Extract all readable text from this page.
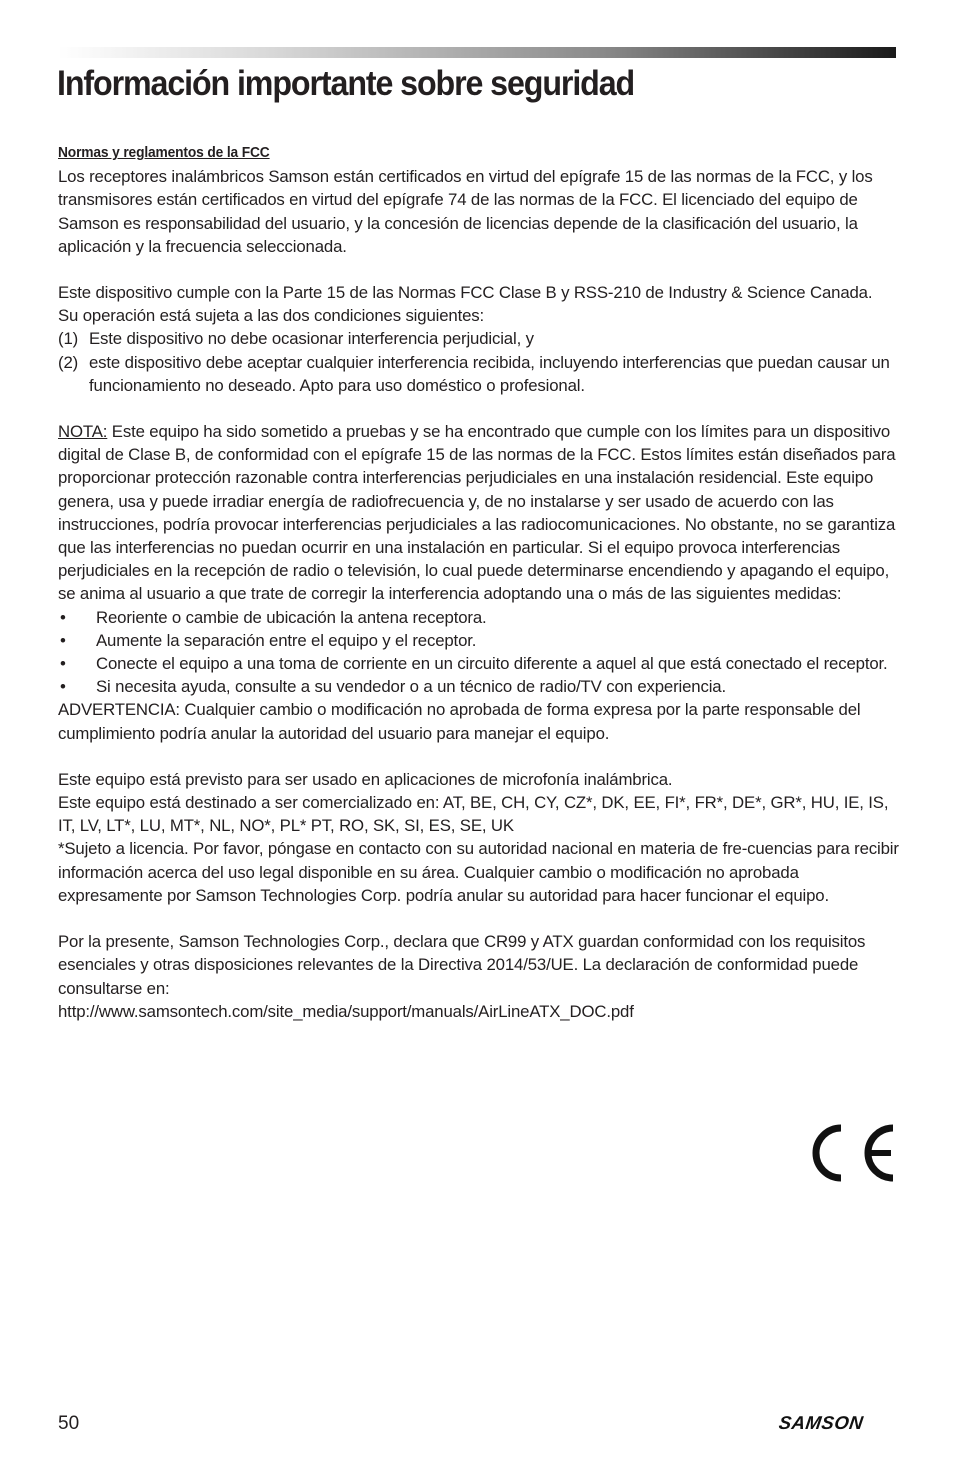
Información importante sobre seguridad

Normas y reglamentos de la FCC

Los receptores inalámbricos Samson están certificados en virtud del epígrafe 15 de las normas de la FCC, y los transmisores están certificados en virtud del epígrafe 74 de las normas de la FCC. El licenciado del equipo de Samson es responsabilidad del usuario, y la concesión de licencias depende de la clasificación del usuario, la aplicación y la frecuencia seleccionada.

Este dispositivo cumple con la Parte 15 de las Normas FCC Clase B y RSS-210 de Industry & Science Canada.

Su operación está sujeta a las dos condiciones siguientes:

(1) Este dispositivo no debe ocasionar interferencia perjudicial, y
(2) este dispositivo debe aceptar cualquier interferencia recibida, incluyendo interferencias que puedan causar un funcionamiento no deseado. Apto para uso doméstico o profesional.

NOTA: Este equipo ha sido sometido a pruebas y se ha encontrado que cumple con los límites para un dispositivo digital de Clase B, de conformidad con el epígrafe 15 de las normas de la FCC. Estos límites están diseñados para proporcionar protección razonable contra interferencias perjudiciales en una instalación residencial. Este equipo genera, usa y puede irradiar energía de radiofrecuencia y, de no instalarse y ser usado de acuerdo con las instrucciones, podría provocar interferencias perjudiciales a las radiocomunicaciones. No obstante, no se garantiza que las interferencias no puedan ocurrir en una instalación en particular. Si el equipo provoca interferencias perjudiciales en la recepción de radio o televisión, lo cual puede determinarse encendiendo y apagando el equipo, se anima al usuario a que trate de corregir la interferencia adoptando una o más de las siguientes medidas:

•	Reoriente o cambie de ubicación la antena receptora.
•	Aumente la separación entre el equipo y el receptor.
•	Conecte el equipo a una toma de corriente en un circuito diferente a aquel al que está conectado el receptor.
•	Si necesita ayuda, consulte a su vendedor o a un técnico de radio/TV con experiencia.

ADVERTENCIA: Cualquier cambio o modificación no aprobada de forma expresa por la parte responsable del cumplimiento podría anular la autoridad del usuario para manejar el equipo.

Este equipo está previsto para ser usado en aplicaciones de microfonía inalámbrica.

Este equipo está destinado a ser comercializado en: AT, BE, CH, CY, CZ*, DK, EE, FI*, FR*, DE*, GR*, HU, IE, IS, IT, LV, LT*, LU, MT*, NL, NO*, PL* PT, RO, SK, SI, ES, SE, UK

*Sujeto a licencia. Por favor, póngase en contacto con su autoridad nacional en materia de fre-cuencias para recibir información acerca del uso legal disponible en su área. Cualquier cambio o modificación no aprobada expresamente por Samson Technologies Corp. podría anular su autoridad para hacer funcionar el equipo.

Por la presente, Samson Technologies Corp., declara que CR99 y ATX guardan conformidad con los requisitos esenciales y otras disposiciones relevantes de la Directiva 2014/53/UE. La declaración de conformidad puede consultarse en:

http://www.samsontech.com/site_media/support/manuals/AirLineATX_DOC.pdf

50	SAMSON
